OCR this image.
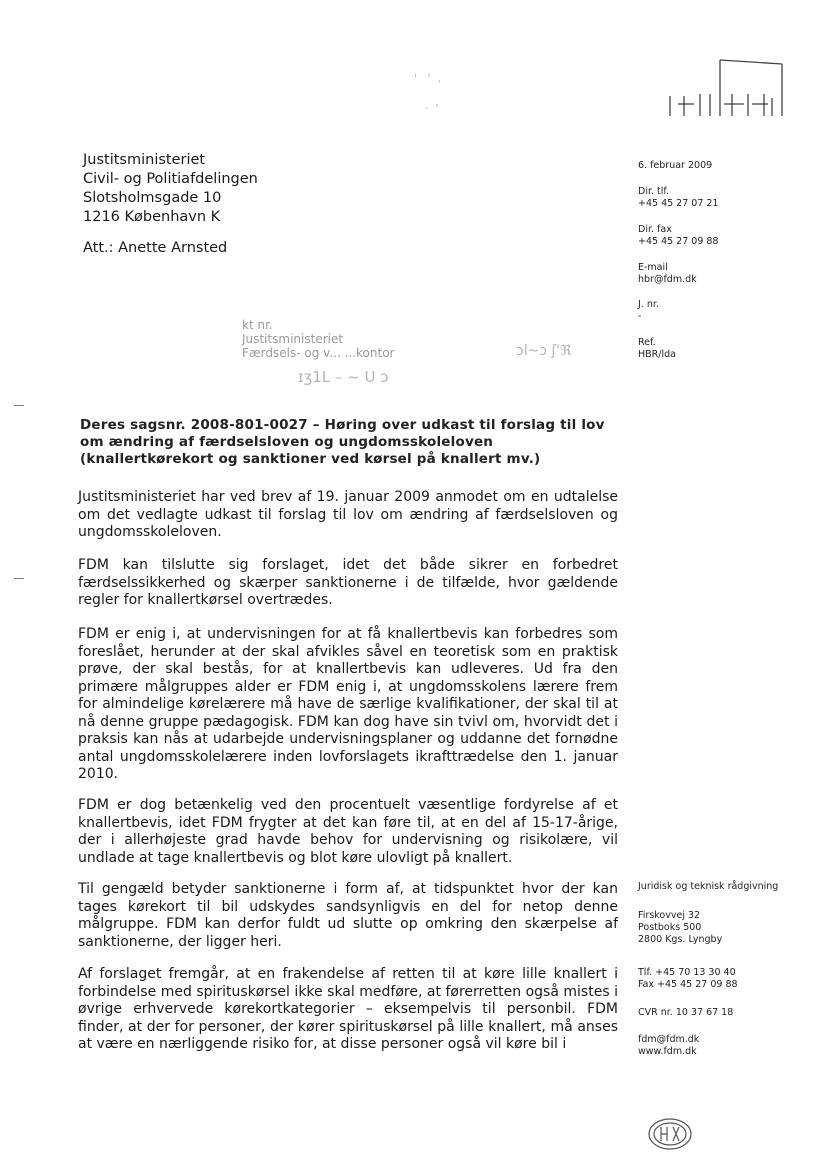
'   '  ,
·  '
Justitsministeriet
Civil- og Politiafdelingen
Slotsholmsgade 10
1216 København K
Att.: Anette Arnsted
6. februar 2009
Dir. tlf.
+45 45 27 07 21
Dir. fax
+45 45 27 09 88
E-mail
hbr@fdm.dk
J. nr.
-
Ref.
HBR/lda
kt nr.
Justitsministeriet
Færdsels- og v... ...kontor	ɔl~ɔ ʃ'ℜ
ɪʒ1L – ~ U ɔ
Deres sagsnr. 2008-801-0027 – Høring over udkast til forslag til lov om ændring af færdselsloven og ungdomsskoleloven (knallertkørekort og sanktioner ved kørsel på knallert mv.)
Justitsministeriet har ved brev af 19. januar 2009 anmodet om en udtalelse om det vedlagte udkast til forslag til lov om ændring af færdselsloven og ungdomsskoleloven.
FDM kan tilslutte sig forslaget, idet det både sikrer en forbedret færdselssikkerhed og skærper sanktionerne i de tilfælde, hvor gældende regler for knallertkørsel overtrædes.
FDM er enig i, at undervisningen for at få knallertbevis kan forbedres som foreslået, herunder at der skal afvikles såvel en teoretisk som en praktisk prøve, der skal bestås, for at knallertbevis kan udleveres. Ud fra den primære målgruppes alder er FDM enig i, at ungdomsskolens lærere frem for almindelige kørelærere må have de særlige kvalifikationer, der skal til at nå denne gruppe pædagogisk. FDM kan dog have sin tvivl om, hvorvidt det i praksis kan nås at udarbejde undervisningsplaner og uddanne det fornødne antal ungdomsskolelærere inden lovforslagets ikrafttrædelse den 1. januar 2010.
FDM er dog betænkelig ved den procentuelt væsentlige fordyrelse af et knallertbevis, idet FDM frygter at det kan føre til, at en del af 15-17-årige, der i allerhøjeste grad havde behov for undervisning og risikolære, vil undlade at tage knallertbevis og blot køre ulovligt på knallert.
Til gengæld betyder sanktionerne i form af, at tidspunktet hvor der kan tages kørekort til bil udskydes sandsynligvis en del for netop denne målgruppe. FDM kan derfor fuldt ud slutte op omkring den skærpelse af sanktionerne, der ligger heri.
Af forslaget fremgår, at en frakendelse af retten til at køre lille knallert i forbindelse med spirituskørsel ikke skal medføre, at førerretten også mistes i øvrige erhvervede kørekortkategorier – eksempelvis til personbil. FDM finder, at der for personer, der kører spirituskørsel på lille knallert, må anses at være en nærliggende risiko for, at disse personer også vil køre bil i
Juridisk og teknisk rådgivning
Firskovvej 32
Postboks 500
2800 Kgs. Lyngby
Tlf. +45 70 13 30 40
Fax +45 45 27 09 88
CVR nr. 10 37 67 18
fdm@fdm.dk
www.fdm.dk
